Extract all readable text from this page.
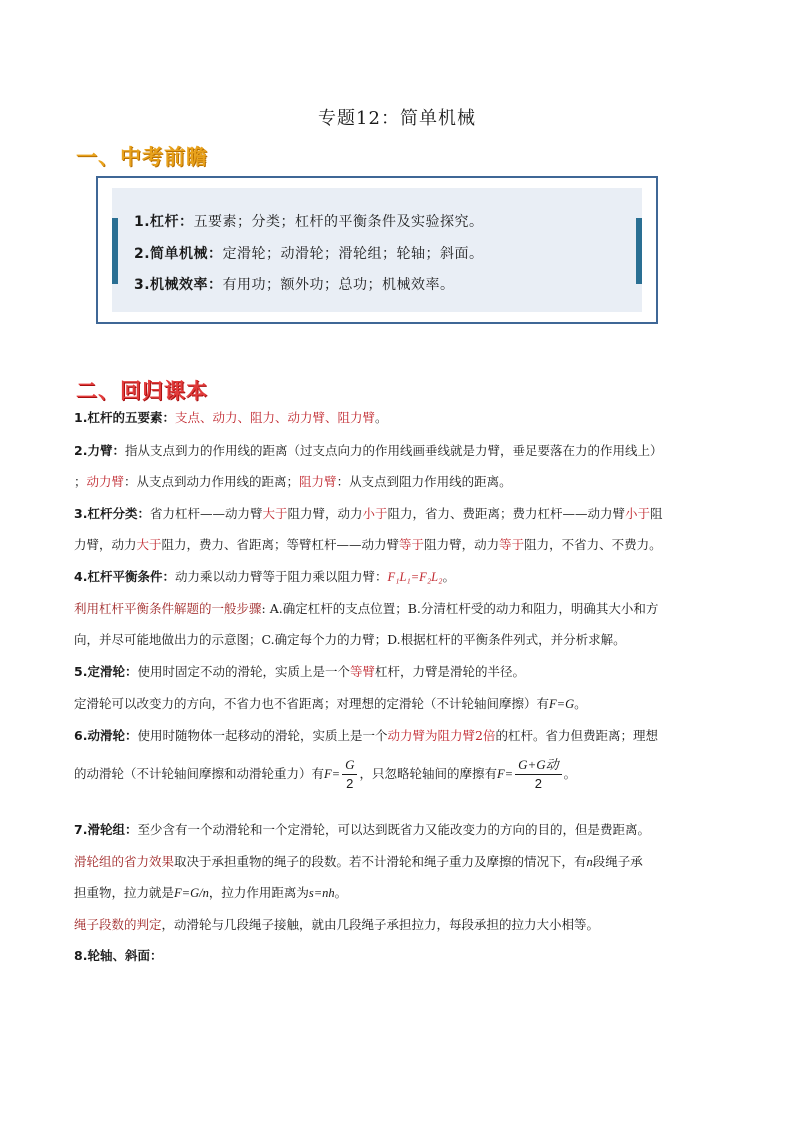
专题12：简单机械
一、中考前瞻
1.杠杆：五要素；分类；杠杆的平衡条件及实验探究。
2.简单机械：定滑轮；动滑轮；滑轮组；轮轴；斜面。
3.机械效率：有用功；额外功；总功；机械效率。
二、回归课本
1.杠杆的五要素：支点、动力、阻力、动力臂、阻力臂。
2.力臂：指从支点到力的作用线的距离（过支点向力的作用线画垂线就是力臂，垂足要落在力的作用线上）
；动力臂：从支点到动力作用线的距离；阻力臂：从支点到阻力作用线的距离。
3.杠杆分类：省力杠杆——动力臂大于阻力臂，动力小于阻力，省力、费距离；费力杠杆——动力臂小于阻
力臂，动力大于阻力，费力、省距离；等臂杠杆——动力臂等于阻力臂，动力等于阻力，不省力、不费力。
4.杠杆平衡条件：动力乘以动力臂等于阻力乘以阻力臂：F₁L₁=F₂L₂。
利用杠杆平衡条件解题的一般步骤: A.确定杠杆的支点位置；B.分清杠杆受的动力和阻力，明确其大小和方
向，并尽可能地做出力的示意图；C.确定每个力的力臂；D.根据杠杆的平衡条件列式，并分析求解。
5.定滑轮：使用时固定不动的滑轮，实质上是一个等臂杠杆，力臂是滑轮的半径。
定滑轮可以改变力的方向，不省力也不省距离；对理想的定滑轮（不计轮轴间摩擦）有F=G。
6.动滑轮：使用时随物体一起移动的滑轮，实质上是一个动力臂为阻力臂2倍的杠杆。省力但费距离；理想
的动滑轮（不计轮轴间摩擦和动滑轮重力）有$F= \frac{G}{2}$ ，只忽略轮轴间的摩擦有$F= \frac{\text{G+G动}}{2}$ 。
7.滑轮组：至少含有一个动滑轮和一个定滑轮，可以达到既省力又能改变力的方向的目的，但是费距离。
滑轮组的省力效果取决于承担重物的绳子的段数。若不计滑轮和绳子重力及摩擦的情况下，有n段绳子承
担重物，拉力就是F=G/n，拉力作用距离为s=nh。
绳子段数的判定，动滑轮与几段绳子接触，就由几段绳子承担拉力，每段承担的拉力大小相等。
8.轮轴、斜面：
